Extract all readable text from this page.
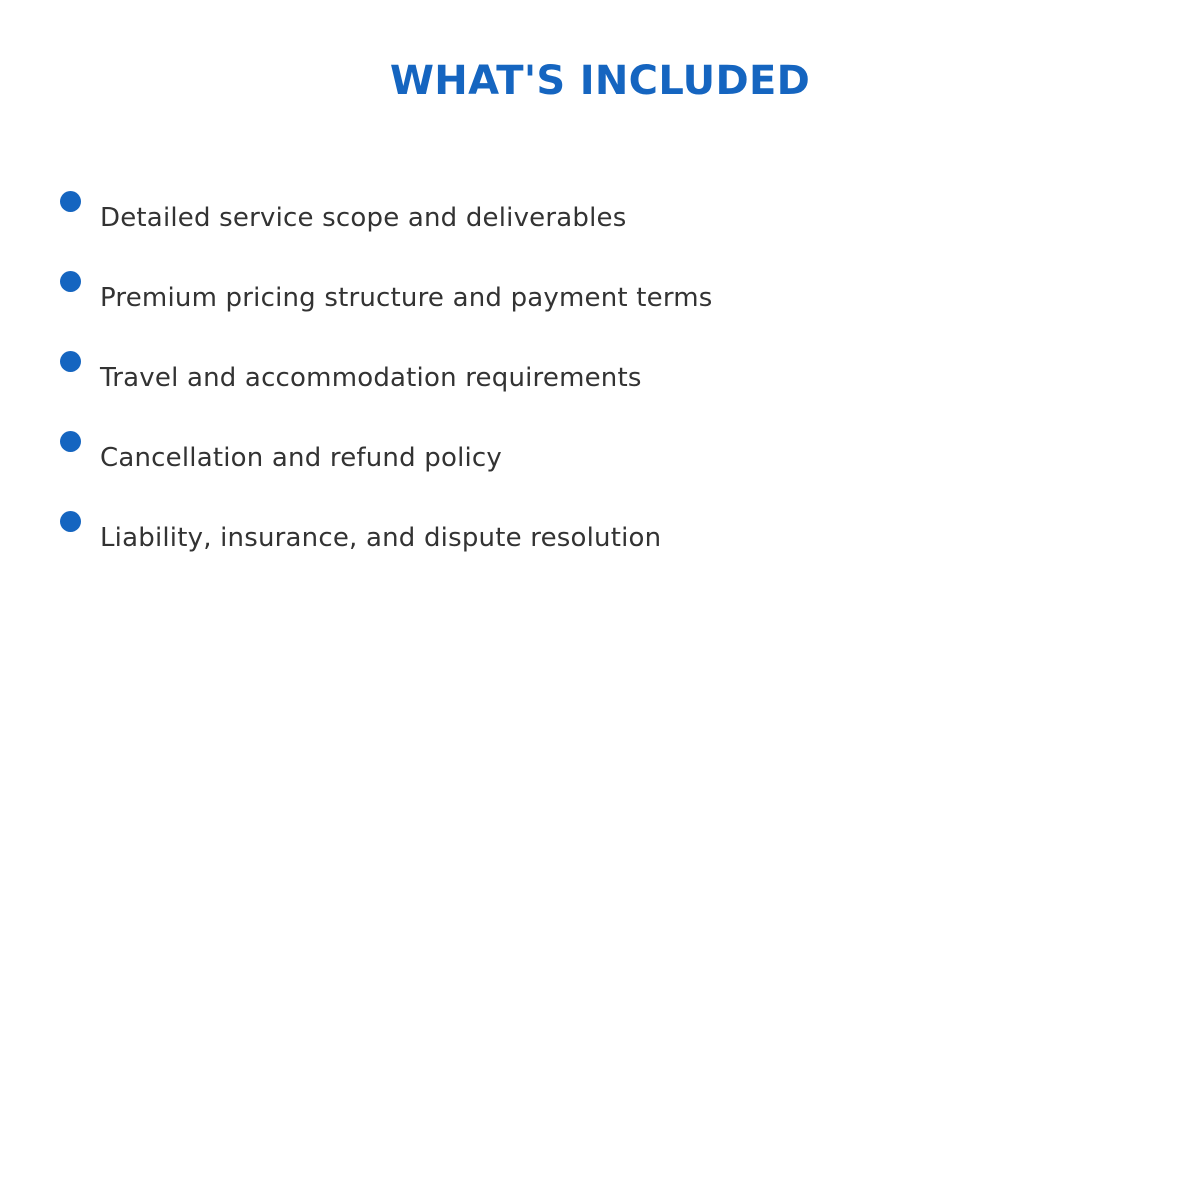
WHAT'S INCLUDED
Detailed service scope and deliverables
Premium pricing structure and payment terms
Travel and accommodation requirements
Cancellation and refund policy
Liability, insurance, and dispute resolution
